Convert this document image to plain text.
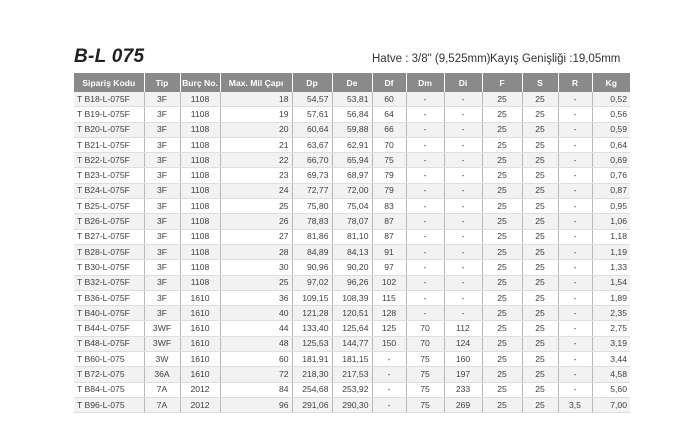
B-L 075	Hatve : 3/8" (9,525mm) Kayış Genişliği :19,05mm
Sipariş Kodu	Tip	Burç No.	Max. Mil Çapı	Dp	De	Df	Dm	Di	F	S	R	Kg
T B18-L-075F	3F	1108	18	54,57	53,81	60	-	-	25	25	-	0,52
T B19-L-075F	3F	1108	19	57,61	56,84	64	-	-	25	25	-	0,56
T B20-L-075F	3F	1108	20	60,64	59,88	66	-	-	25	25	-	0,59
T B21-L-075F	3F	1108	21	63,67	62,91	70	-	-	25	25	-	0,64
T B22-L-075F	3F	1108	22	66,70	65,94	75	-	-	25	25	-	0,69
T B23-L-075F	3F	1108	23	69,73	68,97	79	-	-	25	25	-	0,76
T B24-L-075F	3F	1108	24	72,77	72,00	79	-	-	25	25	-	0,87
T B25-L-075F	3F	1108	25	75,80	75,04	83	-	-	25	25	-	0,95
T B26-L-075F	3F	1108	26	78,83	78,07	87	-	-	25	25	-	1,06
T B27-L-075F	3F	1108	27	81,86	81,10	87	-	-	25	25	-	1,18
T B28-L-075F	3F	1108	28	84,89	84,13	91	-	-	25	25	-	1,19
T B30-L-075F	3F	1108	30	90,96	90,20	97	-	-	25	25	-	1,33
T B32-L-075F	3F	1108	25	97,02	96,26	102	-	-	25	25	-	1,54
T B36-L-075F	3F	1610	36	109,15	108,39	115	-	-	25	25	-	1,89
T B40-L-075F	3F	1610	40	121,28	120,51	128	-	-	25	25	-	2,35
T B44-L-075F	3WF	1610	44	133,40	125,64	125	70	112	25	25	-	2,75
T B48-L-075F	3WF	1610	48	125,53	144,77	150	70	124	25	25	-	3,19
T B60-L-075	3W	1610	60	181,91	181,15	-	75	160	25	25	-	3,44
T B72-L-075	36A	1610	72	218,30	217,53	-	75	197	25	25	-	4,58
T B84-L-075	7A	2012	84	254,68	253,92	-	75	233	25	25	-	5,60
T B96-L-075	7A	2012	96	291,06	290,30	-	75	269	25	25	3,5	7,00
